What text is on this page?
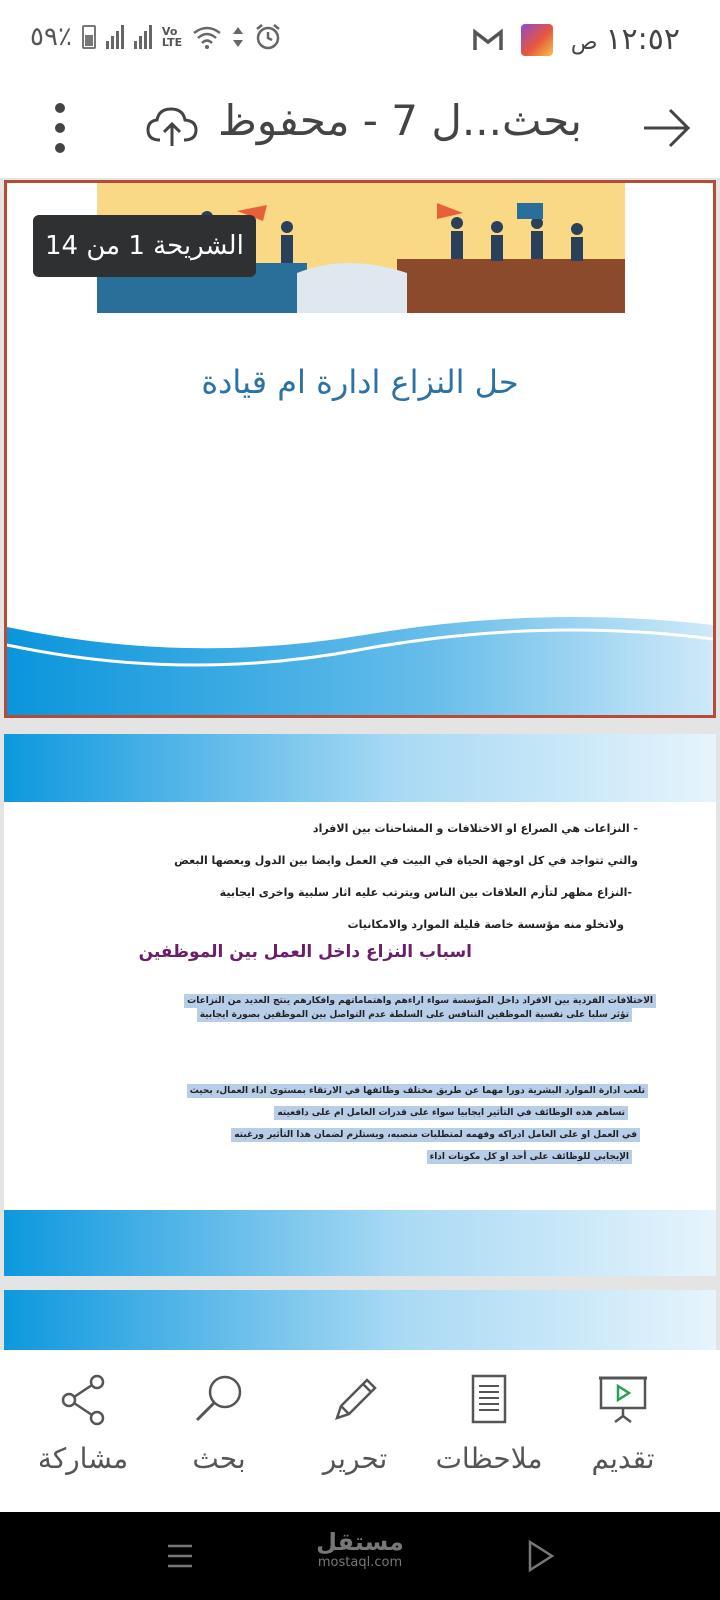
٥٩٪	Vo
LTE	١٢:٥٢
ص
بحث...ل 7 - محفوظ
الشريحة 1 من 14
حل النزاع ادارة ام قيادة
- النزاعات هي الصراع او الاختلافات و المشاحنات بين الافراد
والتي تتواجد في كل اوجهة الحياة في البيت في العمل وايضا بين الدول وبعضها البعض
-النزاع مظهر لتأزم العلاقات بين الناس ويترتب عليه اثار سلبية واخرى ايجابية
ولاتخلو منه مؤسسة خاصة قليلة الموارد والامكانيات
اسباب النزاع داخل العمل بين الموظفين
الاختلافات الفردية بين الافراد داخل المؤسسة سواء اراءهم واهتماماتهم وافكارهم ينتج العديد من النزاعات
تؤثر سلبا على نفسية الموظفين التنافس على السلطة عدم التواصل بين الموظفين بصورة ايجابية
تلعب ادارة الموارد البشرية دورا مهما عن طريق مختلف وظائفها في الارتقاء بمستوى اداء العمال، بحيث
تساهم هذه الوظائف في التأثير ايجابيا سواء على قدرات العامل ام على دافعيته
في العمل او على العامل ادراكه وفهمه لمتطلبات منصبه، ويستلزم لضمان هذا التأثير ورغبته
الإيجابي للوظائف على أحد او كل مكونات اداء
تقديم
ملاحظات
تحرير
بحث
مشاركة
مستقل
mostaql.com
